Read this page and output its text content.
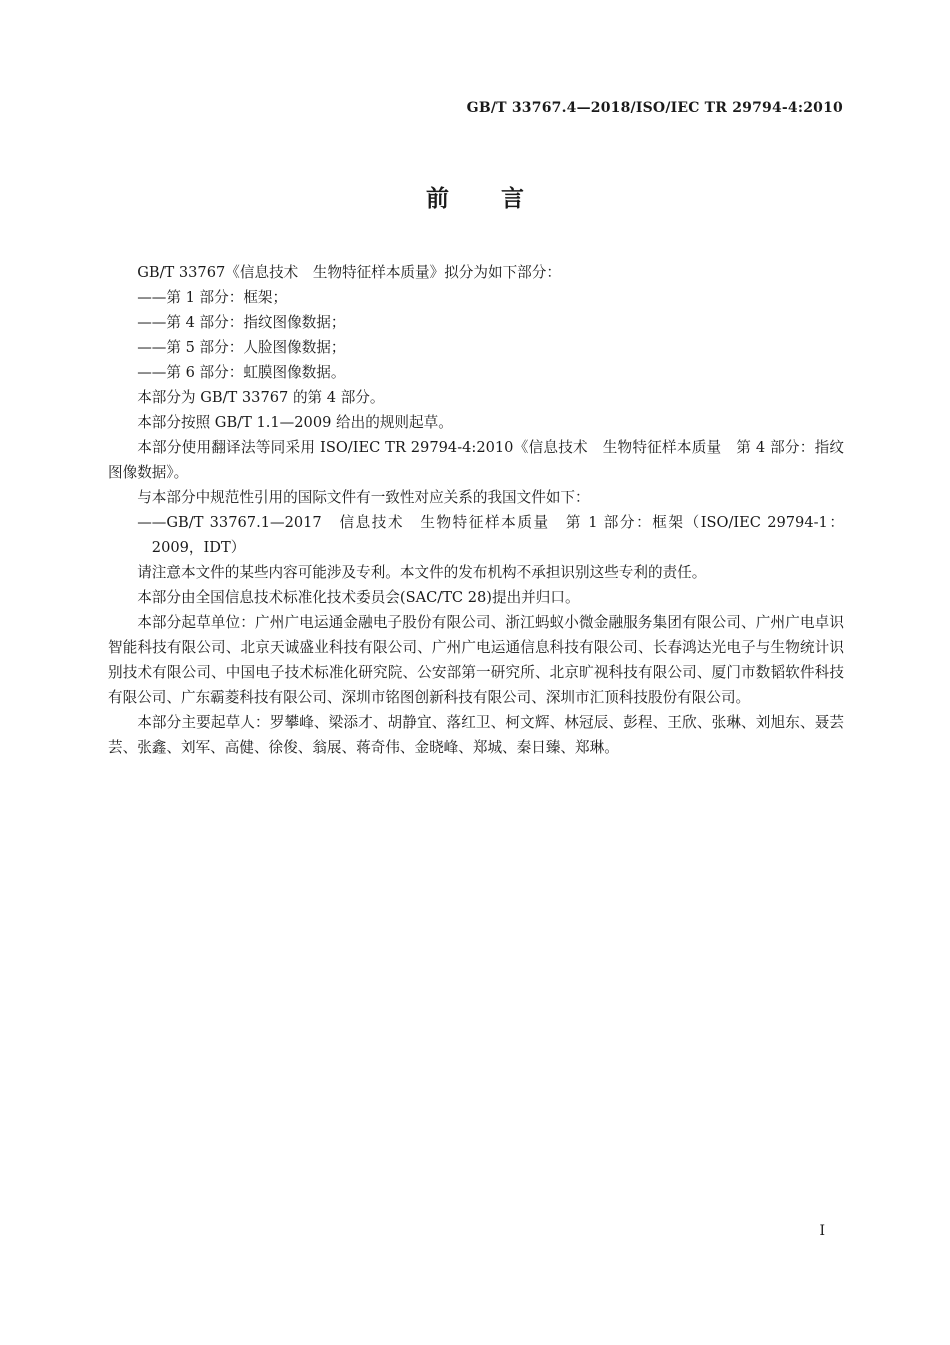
GB/T 33767.4—2018/ISO/IEC TR 29794-4:2010
前言

GB/T 33767《信息技术　生物特征样本质量》拟分为如下部分：

——第 1 部分：框架；

——第 4 部分：指纹图像数据；

——第 5 部分：人脸图像数据；

——第 6 部分：虹膜图像数据。

本部分为 GB/T 33767 的第 4 部分。

本部分按照 GB/T 1.1—2009 给出的规则起草。

本部分使用翻译法等同采用 ISO/IEC TR 29794-4:2010《信息技术　生物特征样本质量　第 4 部分：指纹图像数据》。

与本部分中规范性引用的国际文件有一致性对应关系的我国文件如下：

——GB/T 33767.1—2017　信息技术　生物特征样本质量　第 1 部分：框架（ISO/IEC 29794-1：2009，IDT）

请注意本文件的某些内容可能涉及专利。本文件的发布机构不承担识别这些专利的责任。

本部分由全国信息技术标准化技术委员会(SAC/TC 28)提出并归口。

本部分起草单位：广州广电运通金融电子股份有限公司、浙江蚂蚁小微金融服务集团有限公司、广州广电卓识智能科技有限公司、北京天诚盛业科技有限公司、广州广电运通信息科技有限公司、长春鸿达光电子与生物统计识别技术有限公司、中国电子技术标准化研究院、公安部第一研究所、北京旷视科技有限公司、厦门市数韬软件科技有限公司、广东霸菱科技有限公司、深圳市铭图创新科技有限公司、深圳市汇顶科技股份有限公司。

本部分主要起草人：罗攀峰、梁添才、胡静宜、落红卫、柯文辉、林冠辰、彭程、王欣、张琳、刘旭东、聂芸芸、张鑫、刘军、高健、徐俊、翁展、蒋奇伟、金晓峰、郑城、秦日臻、郑琳。

I
